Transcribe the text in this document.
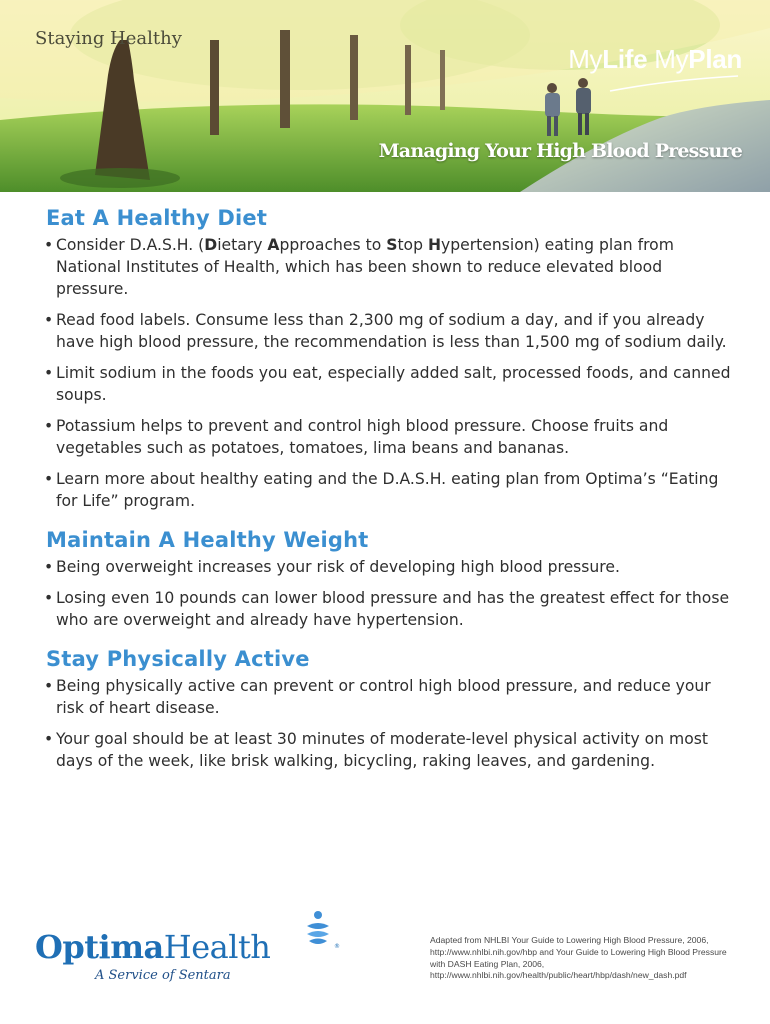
Staying Healthy
MyLife MyPlan
Managing Your High Blood Pressure
Eat A Healthy Diet
• Consider D.A.S.H. (Dietary Approaches to Stop Hypertension) eating plan from National Institutes of Health, which has been shown to reduce elevated blood pressure.
• Read food labels. Consume less than 2,300 mg of sodium a day, and if you already have high blood pressure, the recommendation is less than 1,500 mg of sodium daily.
• Limit sodium in the foods you eat, especially added salt, processed foods, and canned soups.
• Potassium helps to prevent and control high blood pressure. Choose fruits and vegetables such as potatoes, tomatoes, lima beans and bananas.
• Learn more about healthy eating and the D.A.S.H. eating plan from Optima’s “Eating for Life” program.
Maintain A Healthy Weight
• Being overweight increases your risk of developing high blood pressure.
• Losing even 10 pounds can lower blood pressure and has the greatest effect for those who are overweight and already have hypertension.
Stay Physically Active
• Being physically active can prevent or control high blood pressure, and reduce your risk of heart disease.
• Your goal should be at least 30 minutes of moderate-level physical activity on most days of the week, like brisk walking, bicycling, raking leaves, and gardening.
OptimaHealth	®
A Service of Sentara
Adapted from NHLBI Your Guide to Lowering High Blood Pressure, 2006, http://www.nhlbi.nih.gov/hbp and Your Guide to Lowering High Blood Pressure with DASH Eating Plan, 2006, http://www.nhlbi.nih.gov/health/public/heart/hbp/dash/new_dash.pdf
